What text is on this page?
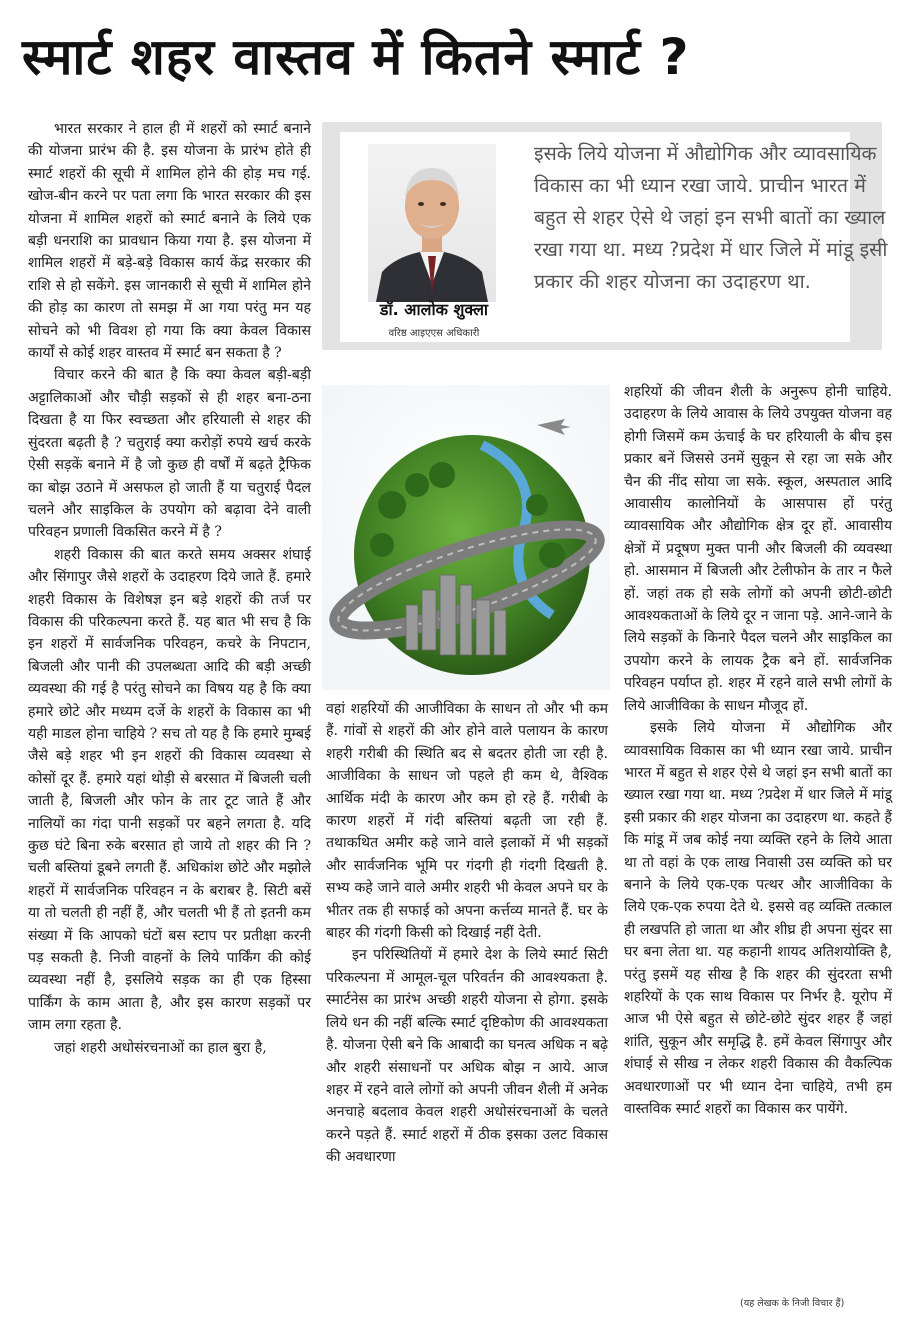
स्मार्ट शहर वास्तव में कितने स्मार्ट ?

भारत सरकार ने हाल ही में शहरों को स्मार्ट बनाने की योजना प्रारंभ की है. इस योजना के प्रारंभ होते ही स्मार्ट शहरों की सूची में शामिल होने की होड़ मच गई. खोज-बीन करने पर पता लगा कि भारत सरकार की इस योजना में शामिल शहरों को स्मार्ट बनाने के लिये एक बड़ी धनराशि का प्रावधान किया गया है. इस योजना में शामिल शहरों में बड़े-बड़े विकास कार्य केंद्र सरकार की राशि से हो सकेंगे. इस जानकारी से सूची में शामिल होने की होड़ का कारण तो समझ में आ गया परंतु मन यह सोचने को भी विवश हो गया कि क्या केवल विकास कार्यों से कोई शहर वास्तव में स्मार्ट बन सकता है ?

विचार करने की बात है कि क्या केवल बड़ी-बड़ी अट्टालिकाओं और चौड़ी सड़कों से ही शहर बना-ठना दिखता है या फिर स्वच्छता और हरियाली से शहर की सुंदरता बढ़ती है ? चतुराई क्या करोड़ों रुपये खर्च करके ऐसी सड़कें बनाने में है जो कुछ ही वर्षों में बढ़ते ट्रैफिक का बोझ उठाने में असफल हो जाती हैं या चतुराई पैदल चलने और साइकिल के उपयोग को बढ़ावा देने वाली परिवहन प्रणाली विकसित करने में है ?

शहरी विकास की बात करते समय अक्सर शंघाई और सिंगापुर जैसे शहरों के उदाहरण दिये जाते हैं. हमारे शहरी विकास के विशेषज्ञ इन बड़े शहरों की तर्ज पर विकास की परिकल्पना करते हैं. यह बात भी सच है कि इन शहरों में सार्वजनिक परिवहन, कचरे के निपटान, बिजली और पानी की उपलब्धता आदि की बड़ी अच्छी व्यवस्था की गई है परंतु सोचने का विषय यह है कि क्या हमारे छोटे और मध्यम दर्जे के शहरों के विकास का भी यही माडल होना चाहिये ? सच तो यह है कि हमारे मुम्बई जैसे बड़े शहर भी इन शहरों की विकास व्यवस्था से कोसों दूर हैं. हमारे यहां थोड़ी से बरसात में बिजली चली जाती है, बिजली और फोन के तार टूट जाते हैं और नालियों का गंदा पानी सड़कों पर बहने लगता है. यदि कुछ घंटे बिना रुके बरसात हो जाये तो शहर की नि ?चली बस्तियां डूबने लगती हैं. अधिकांश छोटे और मझोले शहरों में सार्वजनिक परिवहन न के बराबर है. सिटी बसें या तो चलती ही नहीं हैं, और चलती भी हैं तो इतनी कम संख्या में कि आपको घंटों बस स्टाप पर प्रतीक्षा करनी पड़ सकती है. निजी वाहनों के लिये पार्किंग की कोई व्यवस्था नहीं है, इसलिये सड़क का ही एक हिस्सा पार्किंग के काम आता है, और इस कारण सड़कों पर जाम लगा रहता है.

जहां शहरी अधोसंरचनाओं का हाल बुरा है,

डॉ. आलोक शुक्ला
वरिष्ठ आइएएस अधिकारी
इसके लिये योजना में औद्योगिक और व्यावसायिक विकास का भी ध्यान रखा जाये. प्राचीन भारत में बहुत से शहर ऐसे थे जहां इन सभी बातों का ख्याल रखा गया था. मध्य ?प्रदेश में धार जिले में मांडू इसी प्रकार की शहर योजना का उदाहरण था.

वहां शहरियों की आजीविका के साधन तो और भी कम हैं. गांवों से शहरों की ओर होने वाले पलायन के कारण शहरी गरीबी की स्थिति बद से बदतर होती जा रही है. आजीविका के साधन जो पहले ही कम थे, वैश्विक आर्थिक मंदी के कारण और कम हो रहे हैं. गरीबी के कारण शहरों में गंदी बस्तियां बढ़ती जा रही हैं. तथाकथित अमीर कहे जाने वाले इलाकों में भी सड़कों और सार्वजनिक भूमि पर गंदगी ही गंदगी दिखती है. सभ्य कहे जाने वाले अमीर शहरी भी केवल अपने घर के भीतर तक ही सफाई को अपना कर्त्तव्य मानते हैं. घर के बाहर की गंदगी किसी को दिखाई नहीं देती.

इन परिस्थितियों में हमारे देश के लिये स्मार्ट सिटी परिकल्पना में आमूल-चूल परिवर्तन की आवश्यकता है. स्मार्टनेस का प्रारंभ अच्छी शहरी योजना से होगा. इसके लिये धन की नहीं बल्कि स्मार्ट दृष्टिकोण की आवश्यकता है. योजना ऐसी बने कि आबादी का घनत्व अधिक न बढ़े और शहरी संसाधनों पर अधिक बोझ न आये. आज शहर में रहने वाले लोगों को अपनी जीवन शैली में अनेक अनचाहे बदलाव केवल शहरी अधोसंरचनाओं के चलते करने पड़ते हैं. स्मार्ट शहरों में ठीक इसका उलट विकास की अवधारणा

शहरियों की जीवन शैली के अनुरूप होनी चाहिये. उदाहरण के लिये आवास के लिये उपयुक्त योजना वह होगी जिसमें कम ऊंचाई के घर हरियाली के बीच इस प्रकार बनें जिससे उनमें सुकून से रहा जा सके और चैन की नींद सोया जा सके. स्कूल, अस्पताल आदि आवासीय कालोनियों के आसपास हों परंतु व्यावसायिक और औद्योगिक क्षेत्र दूर हों. आवासीय क्षेत्रों में प्रदूषण मुक्त पानी और बिजली की व्यवस्था हो. आसमान में बिजली और टेलीफोन के तार न फैले हों. जहां तक हो सके लोगों को अपनी छोटी-छोटी आवश्यकताओं के लिये दूर न जाना पड़े. आने-जाने के लिये सड़कों के किनारे पैदल चलने और साइकिल का उपयोग करने के लायक ट्रैक बने हों. सार्वजनिक परिवहन पर्याप्त हो. शहर में रहने वाले सभी लोगों के लिये आजीविका के साधन मौजूद हों.

इसके लिये योजना में औद्योगिक और व्यावसायिक विकास का भी ध्यान रखा जाये. प्राचीन भारत में बहुत से शहर ऐसे थे जहां इन सभी बातों का ख्याल रखा गया था. मध्य ?प्रदेश में धार जिले में मांडू इसी प्रकार की शहर योजना का उदाहरण था. कहते हैं कि मांडू में जब कोई नया व्यक्ति रहने के लिये आता था तो वहां के एक लाख निवासी उस व्यक्ति को घर बनाने के लिये एक-एक पत्थर और आजीविका के लिये एक-एक रुपया देते थे. इससे वह व्यक्ति तत्काल ही लखपति हो जाता था और शीघ्र ही अपना सुंदर सा घर बना लेता था. यह कहानी शायद अतिशयोक्ति है, परंतु इसमें यह सीख है कि शहर की सुंदरता सभी शहरियों के एक साथ विकास पर निर्भर है. यूरोप में आज भी ऐसे बहुत से छोटे-छोटे सुंदर शहर हैं जहां शांति, सुकून और समृद्धि है. हमें केवल सिंगापुर और शंघाई से सीख न लेकर शहरी विकास की वैकल्पिक अवधारणाओं पर भी ध्यान देना चाहिये, तभी हम वास्तविक स्मार्ट शहरों का विकास कर पायेंगे.

(यह लेखक के निजी विचार हैं)
